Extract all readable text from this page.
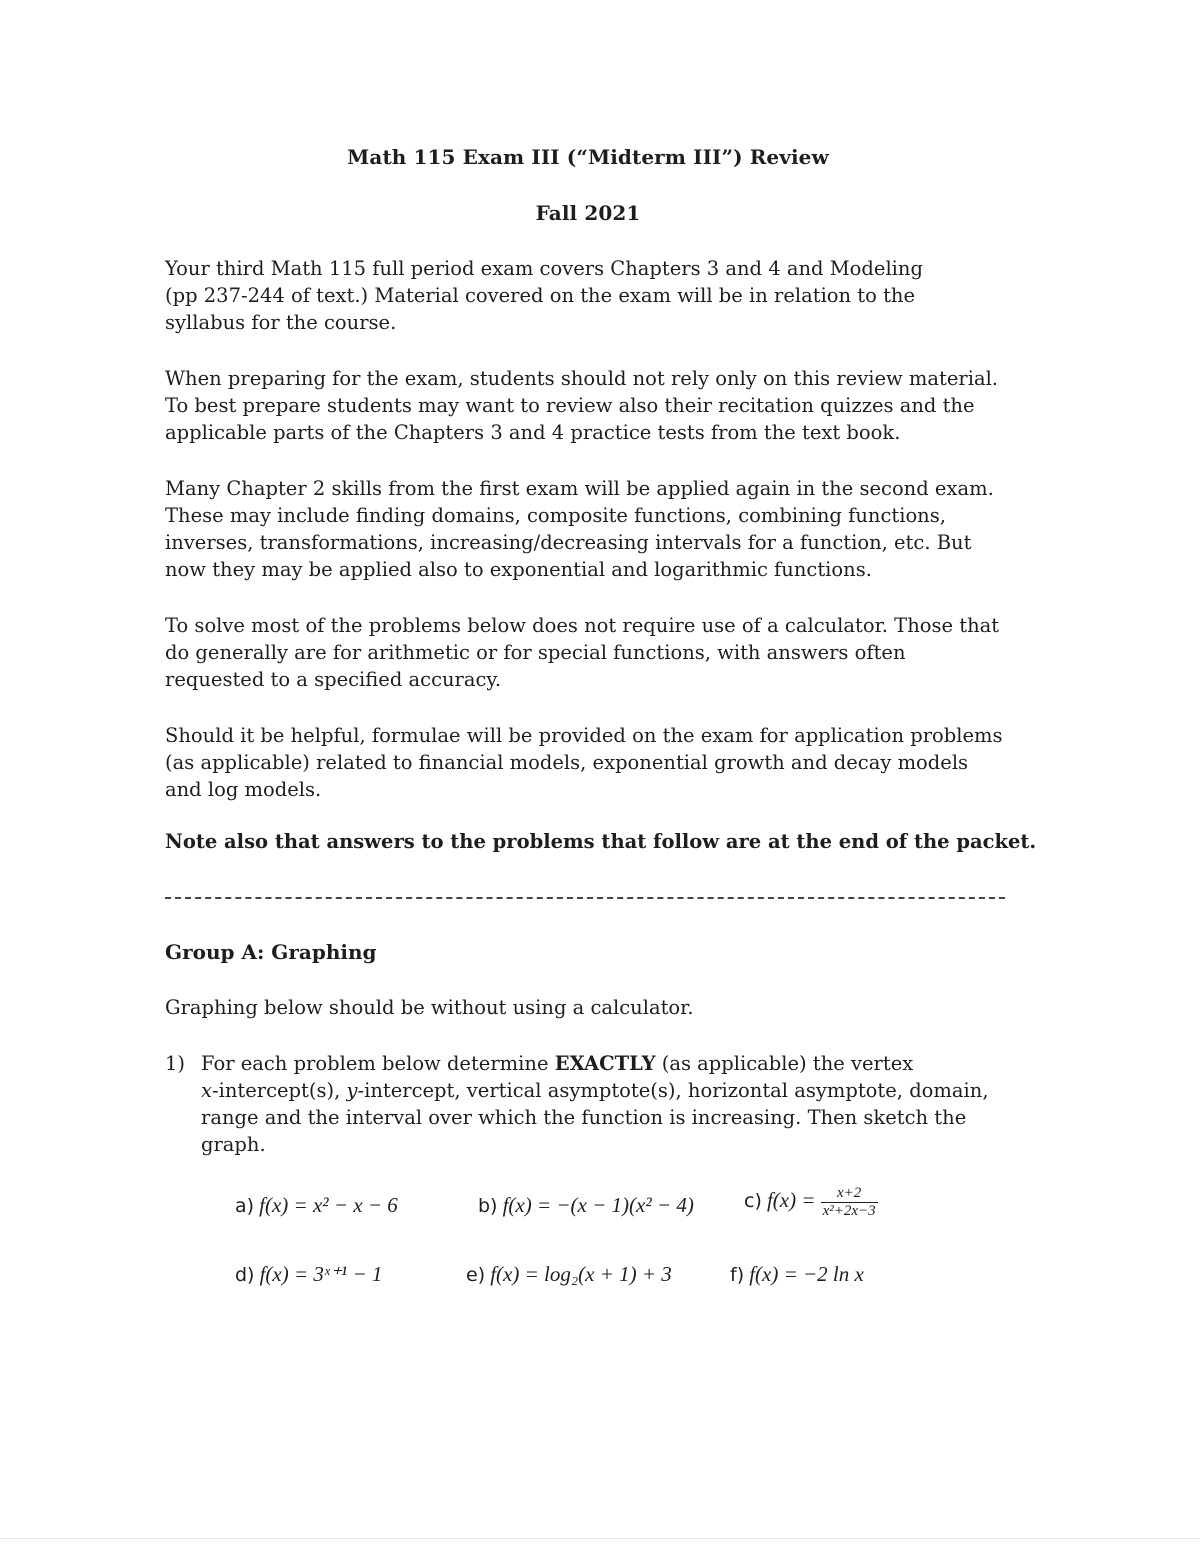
Math 115 Exam III (“Midterm III”) Review
Fall 2021
Your third Math 115 full period exam covers Chapters 3 and 4 and Modeling
(pp 237-244 of text.) Material covered on the exam will be in relation to the
syllabus for the course.
When preparing for the exam, students should not rely only on this review material.
To best prepare students may want to review also their recitation quizzes and the
applicable parts of the Chapters 3 and 4 practice tests from the text book.
Many Chapter 2 skills from the first exam will be applied again in the second exam.
These may include finding domains, composite functions, combining functions,
inverses, transformations, increasing/decreasing intervals for a function, etc. But
now they may be applied also to exponential and logarithmic functions.
To solve most of the problems below does not require use of a calculator. Those that
do generally are for arithmetic or for special functions, with answers often
requested to a specified accuracy.
Should it be helpful, formulae will be provided on the exam for application problems
(as applicable) related to financial models, exponential growth and decay models
and log models.
Note also that answers to the problems that follow are at the end of the packet.
Group A: Graphing
Graphing below should be without using a calculator.
1) For each problem below determine EXACTLY (as applicable) the vertex
x-intercept(s), y-intercept, vertical asymptote(s), horizontal asymptote, domain,
range and the interval over which the function is increasing. Then sketch the
graph.
a) f(x) = x² − x − 6	b) f(x) = −(x − 1)(x² − 4)	c) $f(x) = \frac{x+2}{\text{x²+2x−3}}$
d) f(x) = 3ˣ⁺¹ − 1	e) f(x) = log₂(x + 1) + 3	f) f(x) = −2 ln x
